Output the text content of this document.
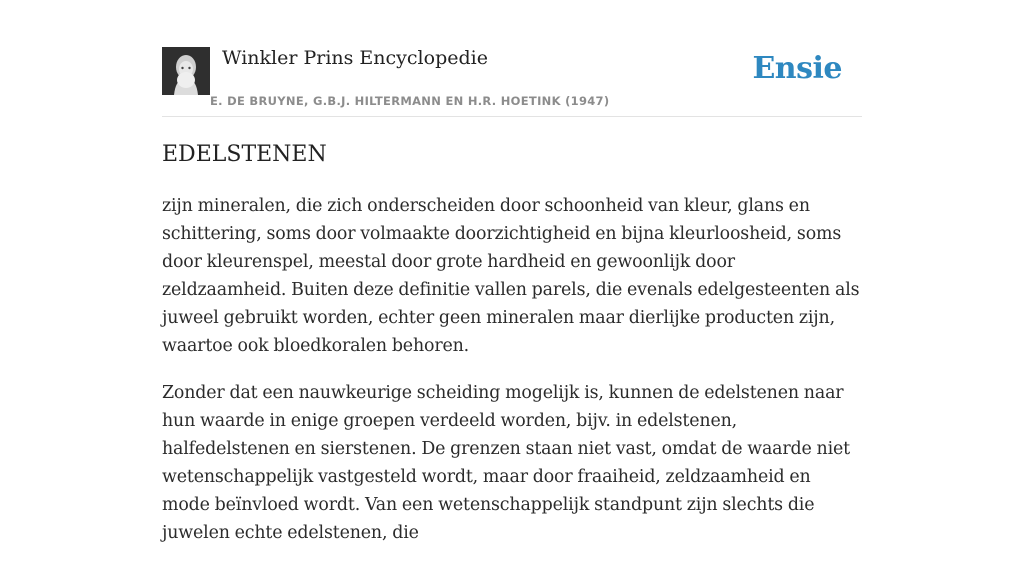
Winkler Prins Encyclopedie
E. DE BRUYNE, G.B.J. HILTERMANN EN H.R. HOETINK (1947)
Ensie
EDELSTENEN

zijn mineralen, die zich onderscheiden door schoonheid van kleur, glans en schittering, soms door volmaakte doorzichtigheid en bijna kleurloosheid, soms door kleurenspel, meestal door grote hardheid en gewoonlijk door zeldzaamheid. Buiten deze definitie vallen parels, die evenals edelgesteenten als juweel gebruikt worden, echter geen mineralen maar dierlijke producten zijn, waartoe ook bloedkoralen behoren.

Zonder dat een nauwkeurige scheiding mogelijk is, kunnen de edelstenen naar hun waarde in enige groepen verdeeld worden, bijv. in edelstenen, halfedelstenen en sierstenen. De grenzen staan niet vast, omdat de waarde niet wetenschappelijk vastgesteld wordt, maar door fraaiheid, zeldzaamheid en mode beïnvloed wordt. Van een wetenschappelijk standpunt zijn slechts die juwelen echte edelstenen, die
